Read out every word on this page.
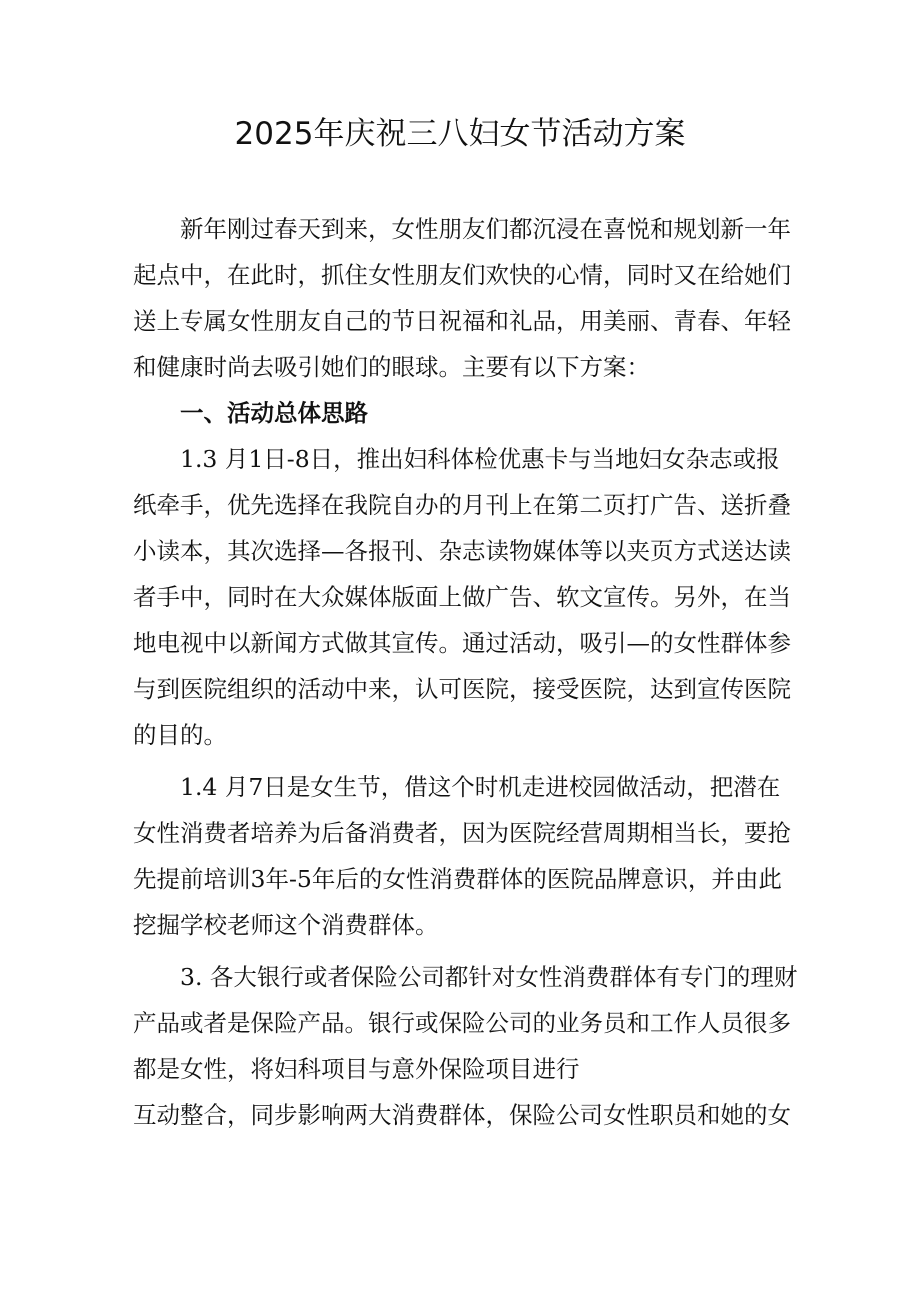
2025年庆祝三八妇女节活动方案
新年刚过春天到来，女性朋友们都沉浸在喜悦和规划新一年
起点中，在此时，抓住女性朋友们欢快的心情，同时又在给她们
送上专属女性朋友自己的节日祝福和礼品，用美丽、青春、年轻
和健康时尚去吸引她们的眼球。主要有以下方案：
一、活动总体思路
1.3 月1日-8日，推出妇科体检优惠卡与当地妇女杂志或报
纸牵手，优先选择在我院自办的月刊上在第二页打广告、送折叠
小读本，其次选择—各报刊、杂志读物媒体等以夹页方式送达读
者手中，同时在大众媒体版面上做广告、软文宣传。另外，在当
地电视中以新闻方式做其宣传。通过活动，吸引—的女性群体参
与到医院组织的活动中来，认可医院，接受医院，达到宣传医院
的目的。
1.4 月7日是女生节，借这个时机走进校园做活动，把潜在
女性消费者培养为后备消费者，因为医院经营周期相当长，要抢
先提前培训3年-5年后的女性消费群体的医院品牌意识，并由此
挖掘学校老师这个消费群体。
3. 各大银行或者保险公司都针对女性消费群体有专门的理财
产品或者是保险产品。银行或保险公司的业务员和工作人员很多
都是女性，将妇科项目与意外保险项目进行
互动整合，同步影响两大消费群体，保险公司女性职员和她的女
